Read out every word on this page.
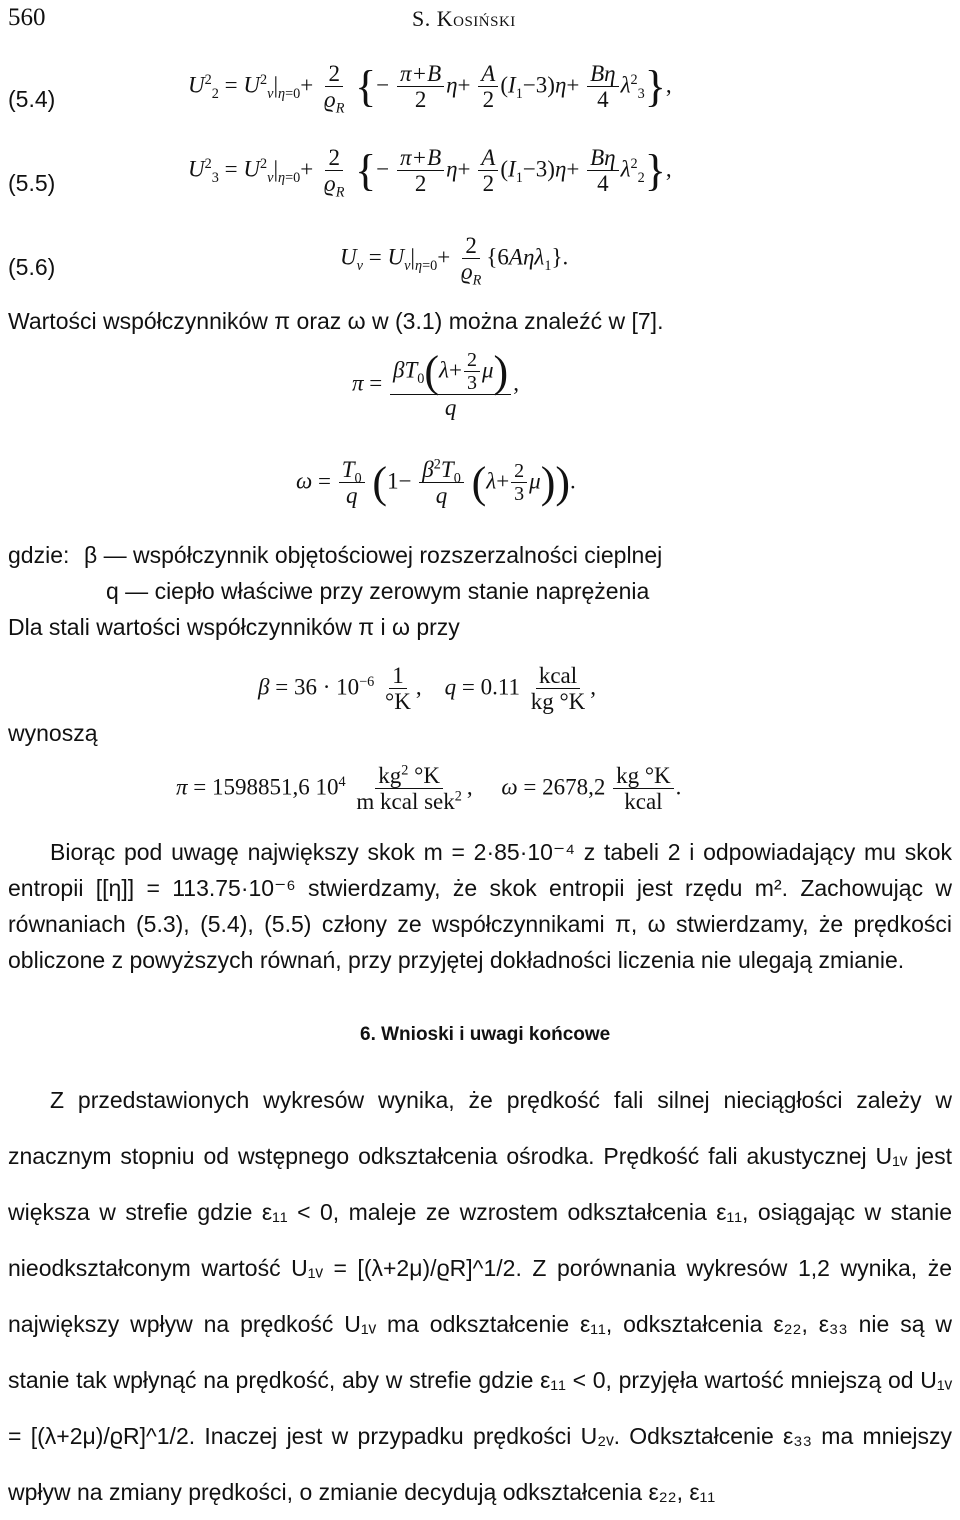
560	S. Kosiński
(5.4)
$U^2_2 = U^2_v|_{\eta=0}+ \frac{2}{ϱ_R}$ {− $\frac{\pi+B}{2} \eta+ \frac{A}{2} (I_1-3)\eta+ \frac{B\eta}{4} \lambda^2_3$},
(5.5)
$U^2_3 = U^2_v|_{\eta=0}+ \frac{2}{ϱ_R}$ {− $\frac{\pi+B}{2} \eta+ \frac{A}{2} (I_1-3)\eta+ \frac{B\eta}{4} \lambda^2_2$},
(5.6)	$U_v = U_v|_{\eta=0}+ \frac{2}{ϱ_R} \{6A\eta\lambda_1\}$.
Wartości współczynników π oraz ω w (3.1) można znaleźć w [7].
$\pi = \frac{\beta T_0(\lambda+ \frac{2}{3} \mu)}{q}$ ,
$\omega = \frac{T_0}{q} (1- \frac{\beta^2T_0}{q} (\lambda+ \frac{2}{3} \mu))$.
gdzie: β — współczynnik objętościowej rozszerzalności cieplnej
q — ciepło właściwe przy zerowym stanie naprężenia
Dla stali wartości współczynników π i ω przy
$\beta = 36 \cdot 10^{-6} \frac{1}{^\circ K}$ ,    $q = 0.11 \frac{\text{kcal}}{kg ^\circ K}$ ,
wynoszą
π = 1598851,6 $10^4 \frac{kg^2 ^\circ K}{m kcal sek^2}$ ,     $\omega = 2678,2 \frac{kg ^\circ K}{\text{kcal}}$ .
Biorąc pod uwagę największy skok m = 2·85·10⁻⁴ z tabeli 2 i odpowiadający mu skok entropii [[η]] = 113.75·10⁻⁶ stwierdzamy, że skok entropii jest rzędu m². Zachowując w równaniach (5.3), (5.4), (5.5) człony ze współczynnikami π, ω stwierdzamy, że prędkości obliczone z powyższych równań, przy przyjętej dokładności liczenia nie ulegają zmianie.
6. Wnioski i uwagi końcowe
Z przedstawionych wykresów wynika, że prędkość fali silnej nieciągłości zależy w znacznym stopniu od wstępnego odkształcenia ośrodka. Prędkość fali akustycznej U₁ᵥ jest większa w strefie gdzie ε₁₁ < 0, maleje ze wzrostem odkształcenia ε₁₁, osiągając w stanie nieodkształconym wartość U₁ᵥ = [(λ+2μ)/ϱR]^1/2. Z porównania wykresów 1,2 wynika, że największy wpływ na prędkość U₁ᵥ ma odkształcenie ε₁₁, odkształcenia ε₂₂, ε₃₃ nie są w stanie tak wpłynąć na prędkość, aby w strefie gdzie ε₁₁ < 0, przyjęła wartość mniejszą od U₁ᵥ = [(λ+2μ)/ϱR]^1/2. Inaczej jest w przypadku prędkości U₂ᵥ. Odkształcenie ε₃₃ ma mniejszy wpływ na zmiany prędkości, o zmianie decydują odkształcenia ε₂₂, ε₁₁
